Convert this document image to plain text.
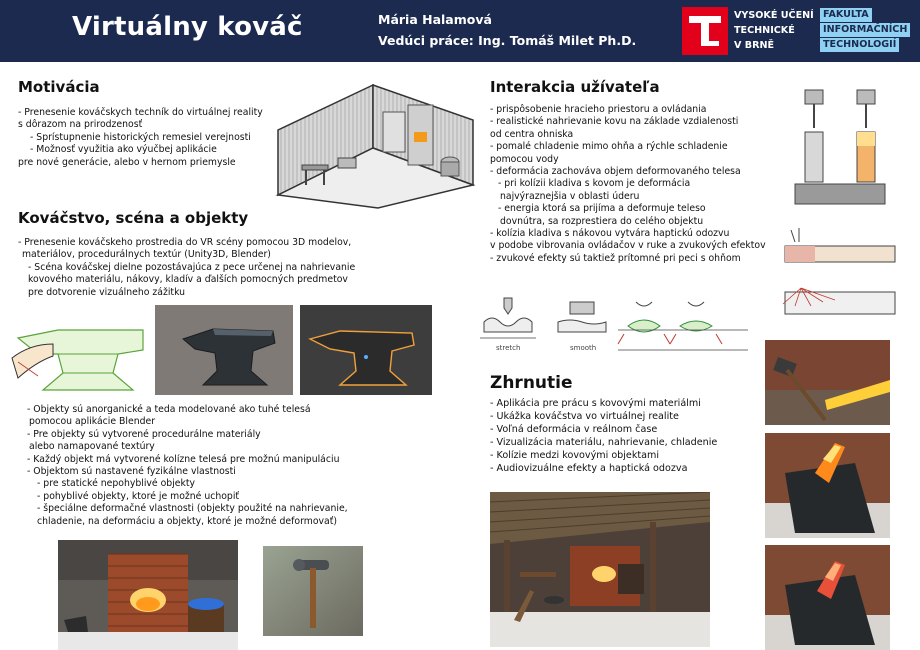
Virtuálny kováč	Mária Halamová
Vedúci práce: Ing. Tomáš Milet Ph.D.
VYSOKÉ UČENÍ
TECHNICKÉ
V BRNĚ
FAKULTA
INFORMAČNÍCH
TECHNOLOGIÍ
Motivácia
- Prenesenie kováčskych techník do virtuálnej reality
s dôrazom na prirodzenosť
- Sprístupnenie historických remesiel verejnosti
- Možnosť využitia ako výučbej aplikácie
pre nové generácie, alebo v hernom priemysle
Kováčstvo, scéna a objekty
- Prenesenie kováčskeho prostredia do VR scény pomocou 3D modelov,
materiálov, procedurálnych textúr (Unity3D, Blender)
- Scéna kováčskej dielne pozostávajúca z pece určenej na nahrievanie
kovového materiálu, nákovy, kladív a ďalších pomocných predmetov
pre dotvorenie vizuálneho zážitku
- Objekty sú anorganické a teda modelované ako tuhé telesá
pomocou aplikácie Blender
- Pre objekty sú vytvorené procedurálne materiály
alebo namapované textúry
- Každý objekt má vytvorené kolízne telesá pre možnú manipuláciu
- Objektom sú nastavené fyzikálne vlastnosti
- pre statické nepohyblivé objekty
- pohyblivé objekty, ktoré je možné uchopiť
- špeciálne deformačné vlastnosti (objekty použité na nahrievanie,
chladenie, na deformáciu a objekty, ktoré je možné deformovať)
Interakcia užívateľa
- prispôsobenie hracieho priestoru a ovládania
- realistické nahrievanie kovu na základe vzdialenosti
od centra ohniska
- pomalé chladenie mimo ohňa a rýchle schladenie
pomocou vody
- deformácia zachováva objem deformovaného telesa
- pri kolízii kladiva s kovom je deformácia
najvýraznejšia v oblasti úderu
- energia ktorá sa prijíma a deformuje teleso
dovnútra, sa rozprestiera do celého objektu
- kolízia kladiva s nákovou vytvára haptickú odozvu
v podobe vibrovania ovládačov v ruke a zvukových efektov
- zvukové efekty sú taktiež prítomné pri peci s ohňom
stretch	smooth
Zhrnutie
- Aplikácia pre prácu s kovovými materiálmi
- Ukážka kováčstva vo virtuálnej realite
- Voľná deformácia v reálnom čase
- Vizualizácia materiálu, nahrievanie, chladenie
- Kolízie medzi kovovými objektami
- Audiovizuálne efekty a haptická odozva
